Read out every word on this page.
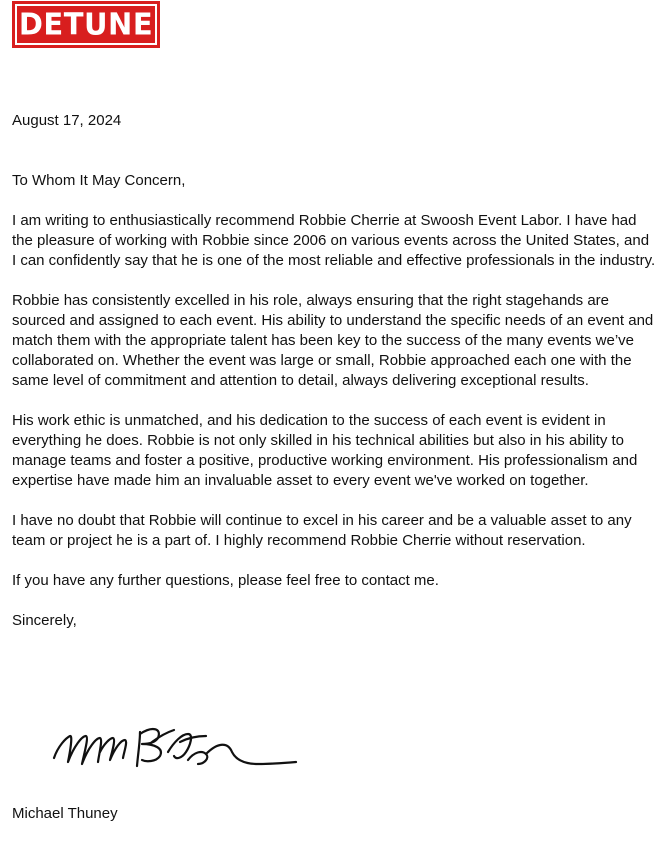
DETUNE

August 17, 2024

To Whom It May Concern,

I am writing to enthusiastically recommend Robbie Cherrie at Swoosh Event Labor. I have had the pleasure of working with Robbie since 2006 on various events across the United States, and I can confidently say that he is one of the most reliable and effective professionals in the industry.

Robbie has consistently excelled in his role, always ensuring that the right stagehands are sourced and assigned to each event. His ability to understand the specific needs of an event and match them with the appropriate talent has been key to the success of the many events we’ve collaborated on. Whether the event was large or small, Robbie approached each one with the same level of commitment and attention to detail, always delivering exceptional results.

His work ethic is unmatched, and his dedication to the success of each event is evident in everything he does. Robbie is not only skilled in his technical abilities but also in his ability to manage teams and foster a positive, productive working environment. His professionalism and expertise have made him an invaluable asset to every event we've worked on together.

I have no doubt that Robbie will continue to excel in his career and be a valuable asset to any team or project he is a part of. I highly recommend Robbie Cherrie without reservation.

If you have any further questions, please feel free to contact me.

Sincerely,

Michael Thuney
